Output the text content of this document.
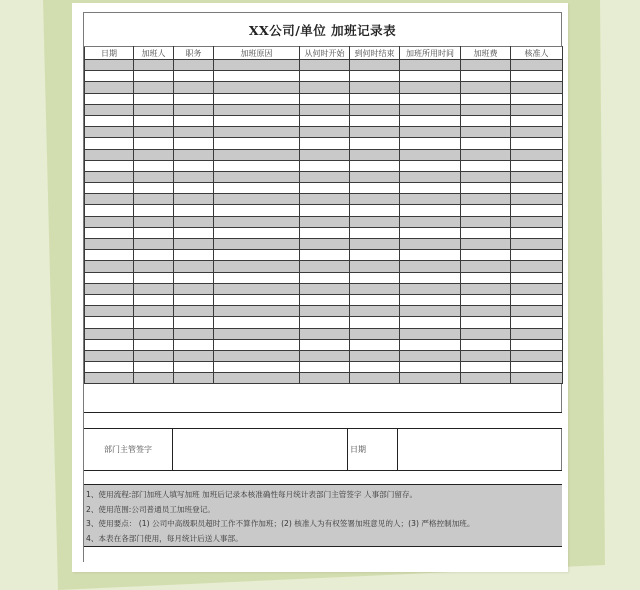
XX公司/单位 加班记录表
日期	加班人	职务	加班原因	从何时开始	到何时结束	加班所用时间	加班费	核准人

部门主管签字	日期
1、使用流程:部门加班人填写加班 加班后记录本核准确性每月统计表部门主管签字 人事部门留存。
2、使用范围:公司普通员工加班登记。
3、使用要点： (1) 公司中高级职员超时工作不算作加班；(2) 核准人为有权签署加班意见的人；(3) 严格控制加班。
4、本表在各部门使用，每月统计后送人事部。
